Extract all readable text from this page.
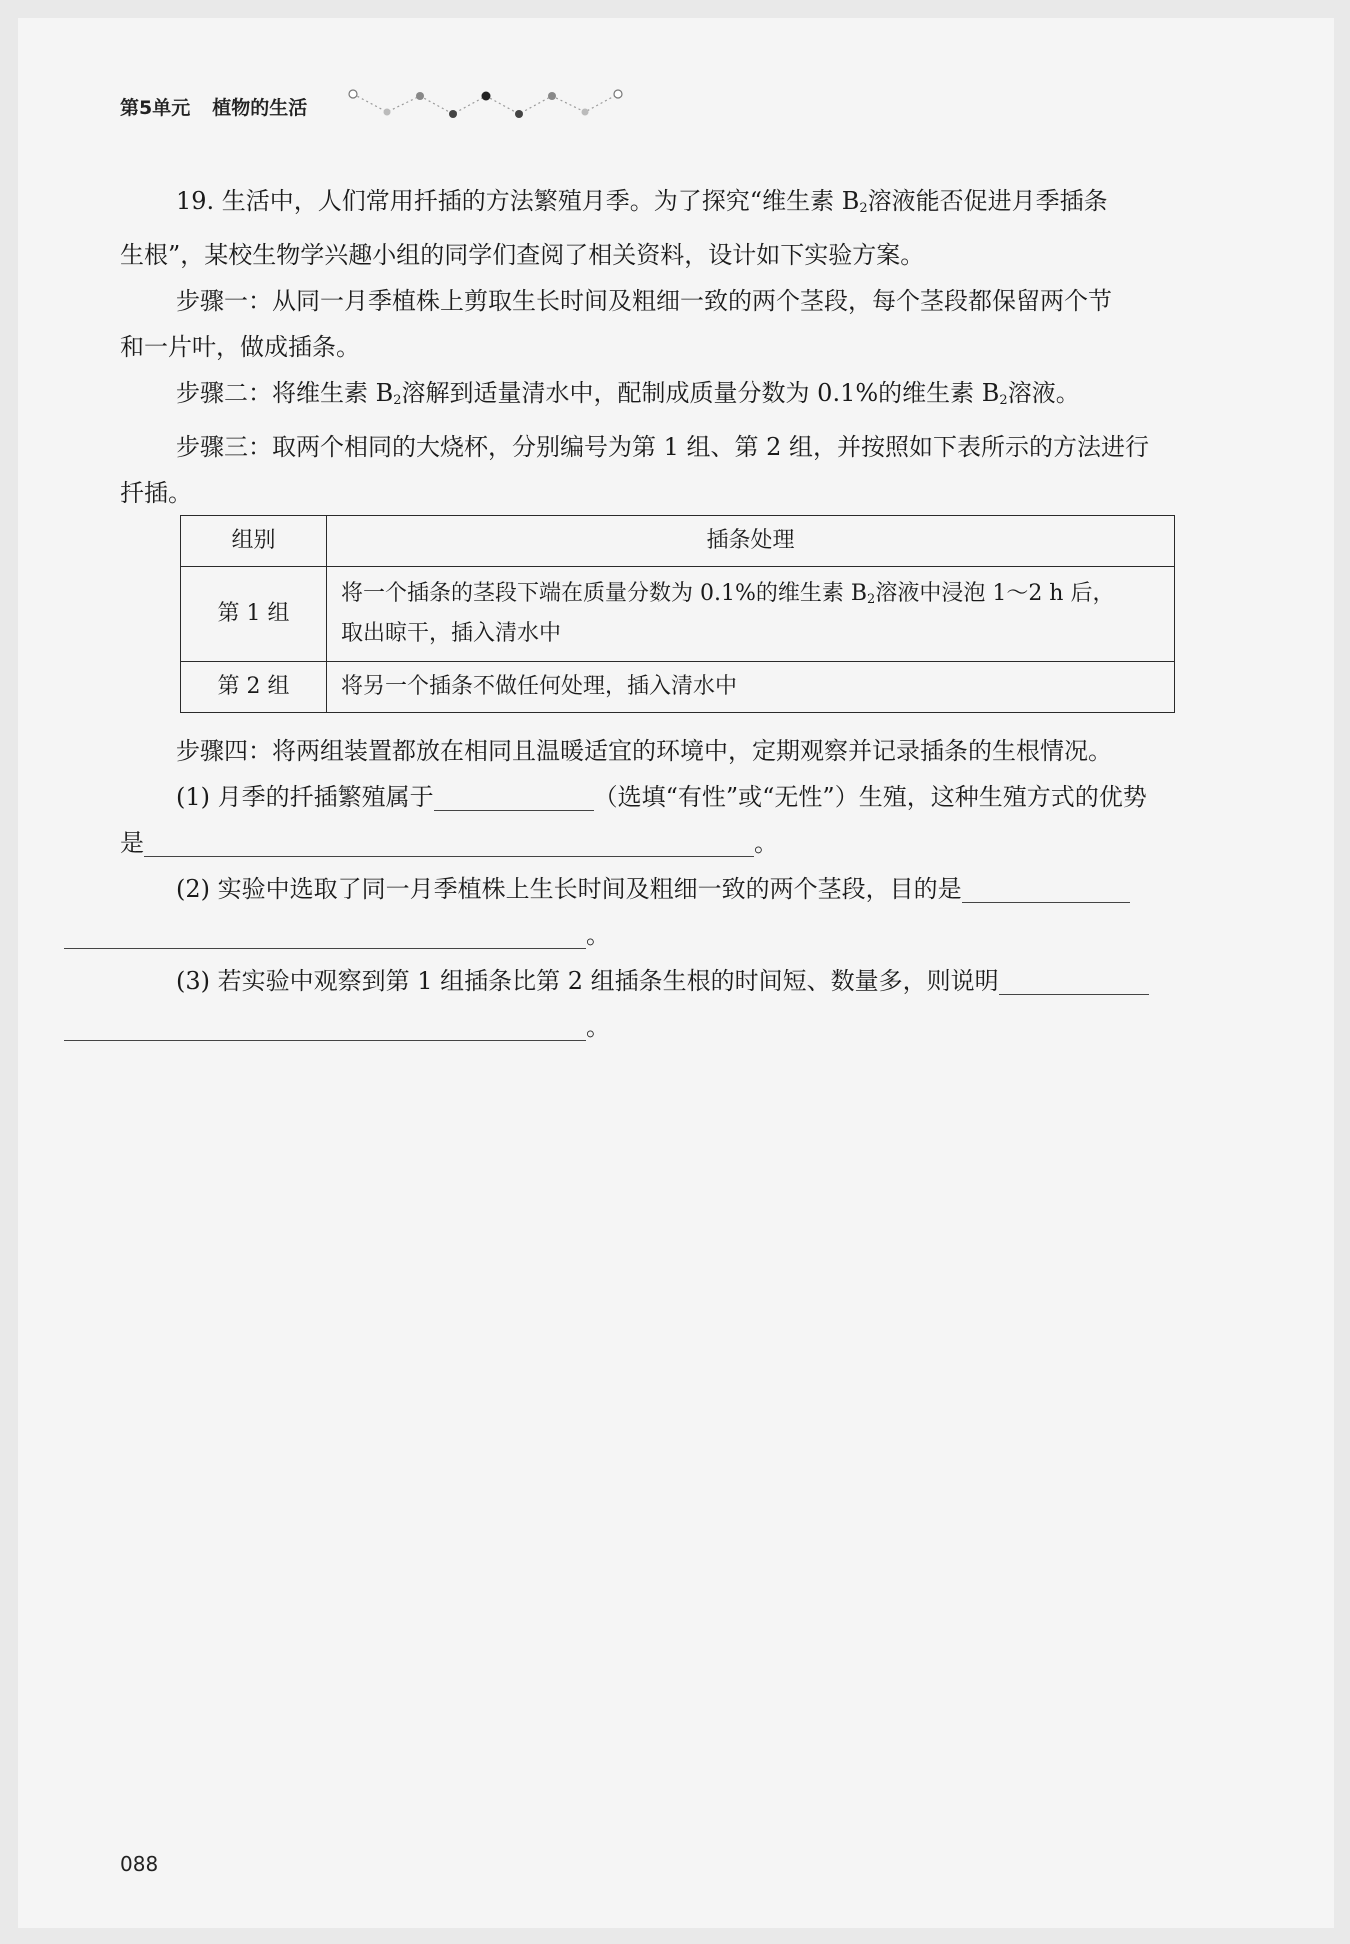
第5单元 植物的生活

19. 生活中，人们常用扦插的方法繁殖月季。为了探究“维生素 $B_2$溶液能否促进月季插条
生根”，某校生物学兴趣小组的同学们查阅了相关资料，设计如下实验方案。

步骤一：从同一月季植株上剪取生长时间及粗细一致的两个茎段，每个茎段都保留两个节
和一片叶，做成插条。

步骤二：将维生素 $B_2$溶解到适量清水中，配制成质量分数为 0.1%的维生素 $B_2$溶液。

步骤三：取两个相同的大烧杯，分别编号为第 1 组、第 2 组，并按照如下表所示的方法进行
扦插。

组别	插条处理
第 1 组	将一个插条的茎段下端在质量分数为 0.1%的维生素 $B_2$溶液中浸泡 1～2 h 后，
取出晾干，插入清水中
第 2 组	将另一个插条不做任何处理，插入清水中

步骤四：将两组装置都放在相同且温暖适宜的环境中，定期观察并记录插条的生根情况。

(1) 月季的扦插繁殖属于	（选填“有性”或“无性”）生殖，这种生殖方式的优势
是	。

(2) 实验中选取了同一月季植株上生长时间及粗细一致的两个茎段，目的是
。

(3) 若实验中观察到第 1 组插条比第 2 组插条生根的时间短、数量多，则说明
。

088
